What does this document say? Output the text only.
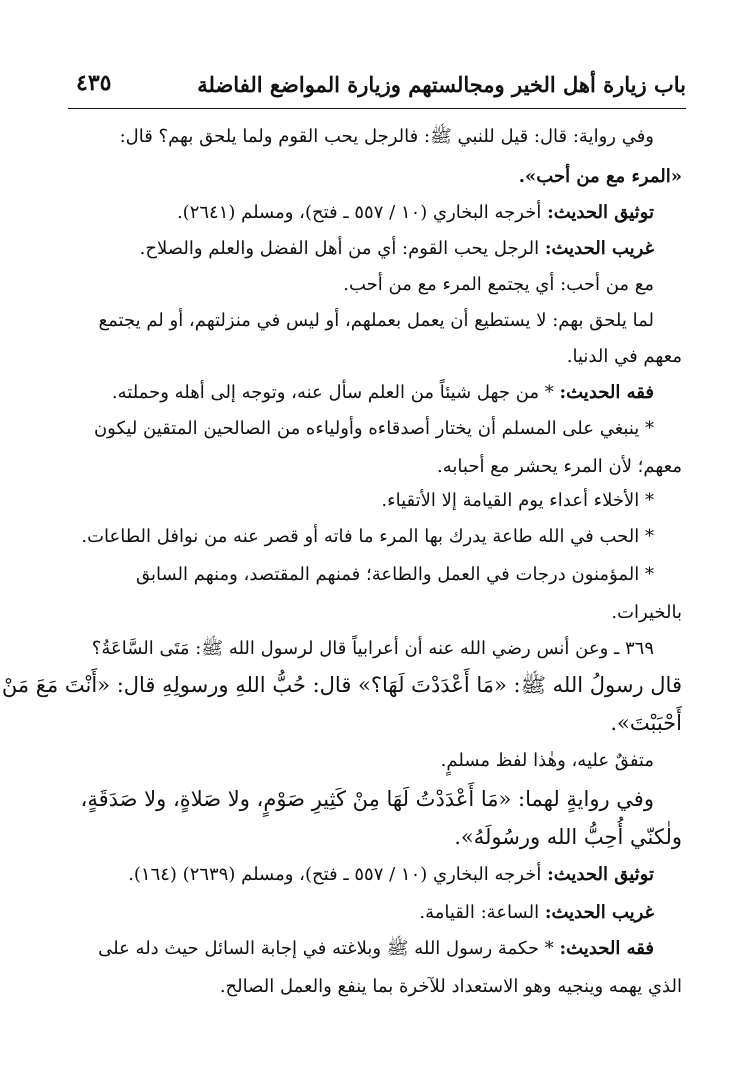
باب زيارة أهل الخير ومجالستهم وزيارة المواضع الفاضلة
٤٣٥
وفي رواية: قال: قيل للنبي ﷺ: فالرجل يحب القوم ولما يلحق بهم؟ قال:
«المرء مع من أحب».
توثيق الحديث: أخرجه البخاري (١٠ / ٥٥٧ ـ فتح)، ومسلم (٢٦٤١).
غريب الحديث: الرجل يحب القوم: أي من أهل الفضل والعلم والصلاح.
مع من أحب: أي يجتمع المرء مع من أحب.
لما يلحق بهم: لا يستطيع أن يعمل بعملهم، أو ليس في منزلتهم، أو لم يجتمع
معهم في الدنيا.
فقه الحديث: * من جهل شيئاً من العلم سأل عنه، وتوجه إلى أهله وحملته.
* ينبغي على المسلم أن يختار أصدقاءه وأولياءه من الصالحين المتقين ليكون
معهم؛ لأن المرء يحشر مع أحبابه.
* الأخلاء أعداء يوم القيامة إلا الأتقياء.
* الحب في الله طاعة يدرك بها المرء ما فاته أو قصر عنه من نوافل الطاعات.
* المؤمنون درجات في العمل والطاعة؛ فمنهم المقتصد، ومنهم السابق
بالخيرات.
٣٦٩ ـ وعن أنس رضي الله عنه أن أعرابياً قال لرسول الله ﷺ: مَتَى السَّاعَةُ؟
قال رسولُ الله ﷺ: «مَا أَعْدَدْتَ لَهَا؟» قال: حُبُّ اللهِ ورسولِهِ قال: «أَنْتَ مَعَ مَنْ
أَحْبَبْتَ».
متفقٌ عليه، وهٰذا لفظ مسلمٍ.
وفي روايةٍ لهما: «مَا أَعْدَدْتُ لَهَا مِنْ كَثِيرِ صَوْمٍ، ولا صَلاةٍ، ولا صَدَقَةٍ،
ولٰكنّي أُحِبُّ الله ورسُولَهُ».
توثيق الحديث: أخرجه البخاري (١٠ / ٥٥٧ ـ فتح)، ومسلم (٢٦٣٩) (١٦٤).
غريب الحديث: الساعة: القيامة.
فقه الحديث: * حكمة رسول الله ﷺ وبلاغته في إجابة السائل حيث دله على
الذي يهمه وينجيه وهو الاستعداد للآخرة بما ينفع والعمل الصالح.
